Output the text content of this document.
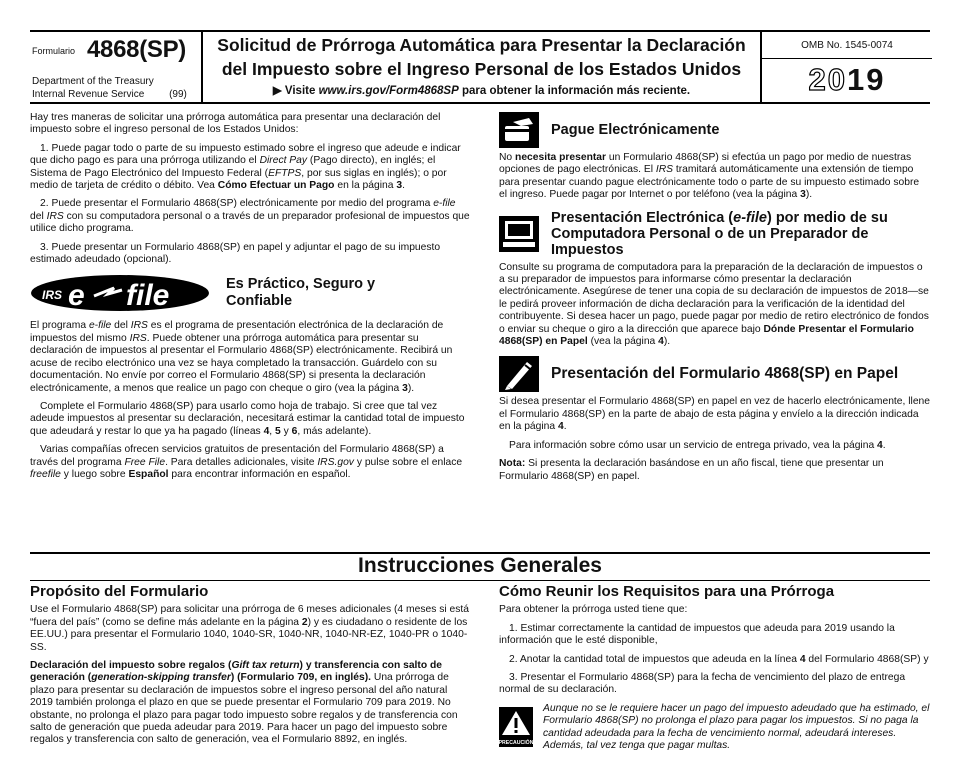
Formulario 4868(SP)
Department of the Treasury
Internal Revenue Service (99)
Solicitud de Prórroga Automática para Presentar la Declaración
del Impuesto sobre el Ingreso Personal de los Estados Unidos
▶ Visite www.irs.gov/Form4868SP para obtener la información más reciente.
OMB No. 1545-0074
2019

Hay tres maneras de solicitar una prórroga automática para presentar una declaración del impuesto sobre el ingreso personal de los Estados Unidos:

1. Puede pagar todo o parte de su impuesto estimado sobre el ingreso que adeude e indicar que dicho pago es para una prórroga utilizando el Direct Pay (Pago directo), en inglés; el Sistema de Pago Electrónico del Impuesto Federal (EFTPS, por sus siglas en inglés); o por medio de tarjeta de crédito o débito. Vea Cómo Efectuar un Pago en la página 3.

2. Puede presentar el Formulario 4868(SP) electrónicamente por medio del programa e-file del IRS con su computadora personal o a través de un preparador profesional de impuestos que utilice dicho programa.

3. Puede presentar un Formulario 4868(SP) en papel y adjuntar el pago de su impuesto estimado adeudado (opcional).

IRS e file	Es Práctico, Seguro y
Confiable

El programa e-file del IRS es el programa de presentación electrónica de la declaración de impuestos del mismo IRS. Puede obtener una prórroga automática para presentar su declaración de impuestos al presentar el Formulario 4868(SP) electrónicamente. Recibirá un acuse de recibo electrónico una vez se haya completado la transacción. Guárdelo con su documentación. No envíe por correo el Formulario 4868(SP) si presenta la declaración electrónicamente, a menos que realice un pago con cheque o giro (vea la página 3).

Complete el Formulario 4868(SP) para usarlo como hoja de trabajo. Si cree que tal vez adeude impuestos al presentar su declaración, necesitará estimar la cantidad total de impuesto que adeudará y restar lo que ya ha pagado (líneas 4, 5 y 6, más adelante).

Varias compañías ofrecen servicios gratuitos de presentación del Formulario 4868(SP) a través del programa Free File. Para detalles adicionales, visite IRS.gov y pulse sobre el enlace freefile y luego sobre Español para encontrar información en español.

Pague Electrónicamente

No necesita presentar un Formulario 4868(SP) si efectúa un pago por medio de nuestras opciones de pago electrónicas. El IRS tramitará automáticamente una extensión de tiempo para presentar cuando pague electrónicamente todo o parte de su impuesto estimado sobre el ingreso. Puede pagar por Internet o por teléfono (vea la página 3).

Presentación Electrónica (e-file) por medio de su
Computadora Personal o de un Preparador de Impuestos

Consulte su programa de computadora para la preparación de la declaración de impuestos o a su preparador de impuestos para informarse cómo presentar la declaración electrónicamente. Asegúrese de tener una copia de su declaración de impuestos de 2018—se le pedirá proveer información de dicha declaración para la verificación de la identidad del contribuyente. Si desea hacer un pago, puede pagar por medio de retiro electrónico de fondos o enviar su cheque o giro a la dirección que aparece bajo Dónde Presentar el Formulario 4868(SP) en Papel (vea la página 4).

Presentación del Formulario 4868(SP) en Papel

Si desea presentar el Formulario 4868(SP) en papel en vez de hacerlo electrónicamente, llene el Formulario 4868(SP) en la parte de abajo de esta página y envíelo a la dirección indicada en la página 4.

Para información sobre cómo usar un servicio de entrega privado, vea la página 4.

Nota: Si presenta la declaración basándose en un año fiscal, tiene que presentar un Formulario 4868(SP) en papel.

Instrucciones Generales
Propósito del Formulario

Use el Formulario 4868(SP) para solicitar una prórroga de 6 meses adicionales (4 meses si está “fuera del país” (como se define más adelante en la página 2) y es ciudadano o residente de los EE.UU.) para presentar el Formulario 1040, 1040-SR, 1040-NR, 1040-NR-EZ, 1040-PR o 1040-SS.

Declaración del impuesto sobre regalos (Gift tax return) y transferencia con salto de generación (generation-skipping transfer) (Formulario 709, en inglés). Una prórroga de plazo para presentar su declaración de impuestos sobre el ingreso personal del año natural 2019 también prolonga el plazo en que se puede presentar el Formulario 709 para 2019. No obstante, no prolonga el plazo para pagar todo impuesto sobre regalos y de transferencia con salto de generación que pueda adeudar para 2019. Para hacer un pago del impuesto sobre regalos y transferencia con salto de generación, vea el Formulario 8892, en inglés.

Cómo Reunir los Requisitos para una Prórroga

Para obtener la prórroga usted tiene que:

1. Estimar correctamente la cantidad de impuestos que adeuda para 2019 usando la información que le esté disponible,

2. Anotar la cantidad total de impuestos que adeuda en la línea 4 del Formulario 4868(SP) y

3. Presentar el Formulario 4868(SP) para la fecha de vencimiento del plazo de entrega normal de su declaración.

PRECAUCIÓN
Aunque no se le requiere hacer un pago del impuesto adeudado que ha estimado, el Formulario 4868(SP) no prolonga el plazo para pagar los impuestos. Si no paga la cantidad adeudada para la fecha de vencimiento normal, adeudará intereses. Además, tal vez tenga que pagar multas.
